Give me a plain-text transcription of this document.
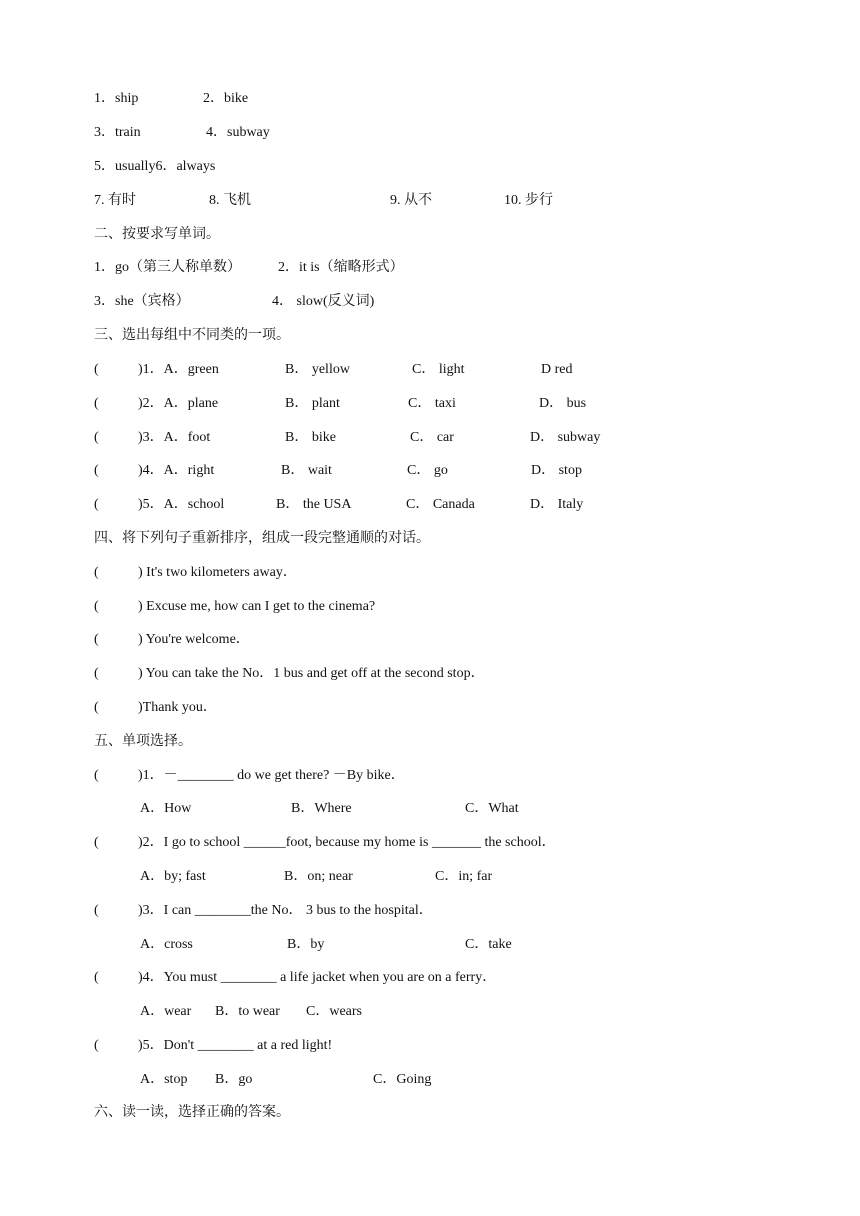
1．ship	2．bike
3．train	4．subway
5．usually6．always
7. 有时	8. 飞机	9. 从不	10. 步行
二、按要求写单词。
1．go（第三人称单数）	2．it is（缩略形式）
3．she（宾格）	4． slow(反义词)
三、选出每组中不同类的一项。
(	)1．A．green	B． yellow	C． light	D red
(	)2．A．plane	B． plant	C． taxi	D． bus
(	)3．A．foot	B． bike	C． car	D． subway
(	)4．A．right	B． wait	C． go	D． stop
(	)5．A．school	B． the USA	C． Canada	D． Italy
四、将下列句子重新排序，组成一段完整通顺的对话。
(	) It's two kilometers away．
(	) Excuse me, how can I get to the cinema?
(	) You're welcome．
(	) You can take the No．1 bus and get off at the second stop．
(	)Thank you．
五、单项选择。
(	)1．－________ do we get there? －By bike．
A．How	B．Where	C．What
(	)2．I go to school ______foot, because my home is _______ the school．
A．by; fast	B．on; near	C．in; far
(	)3．I can ________the No． 3 bus to the hospital．
A．cross	B．by	C．take
(	)4．You must ________ a life jacket when you are on a ferry．
A．wear B．to wear C．wears
(	)5．Don't ________ at a red light!
A．stop B．go	C．Going
六、读一读，选择正确的答案。
